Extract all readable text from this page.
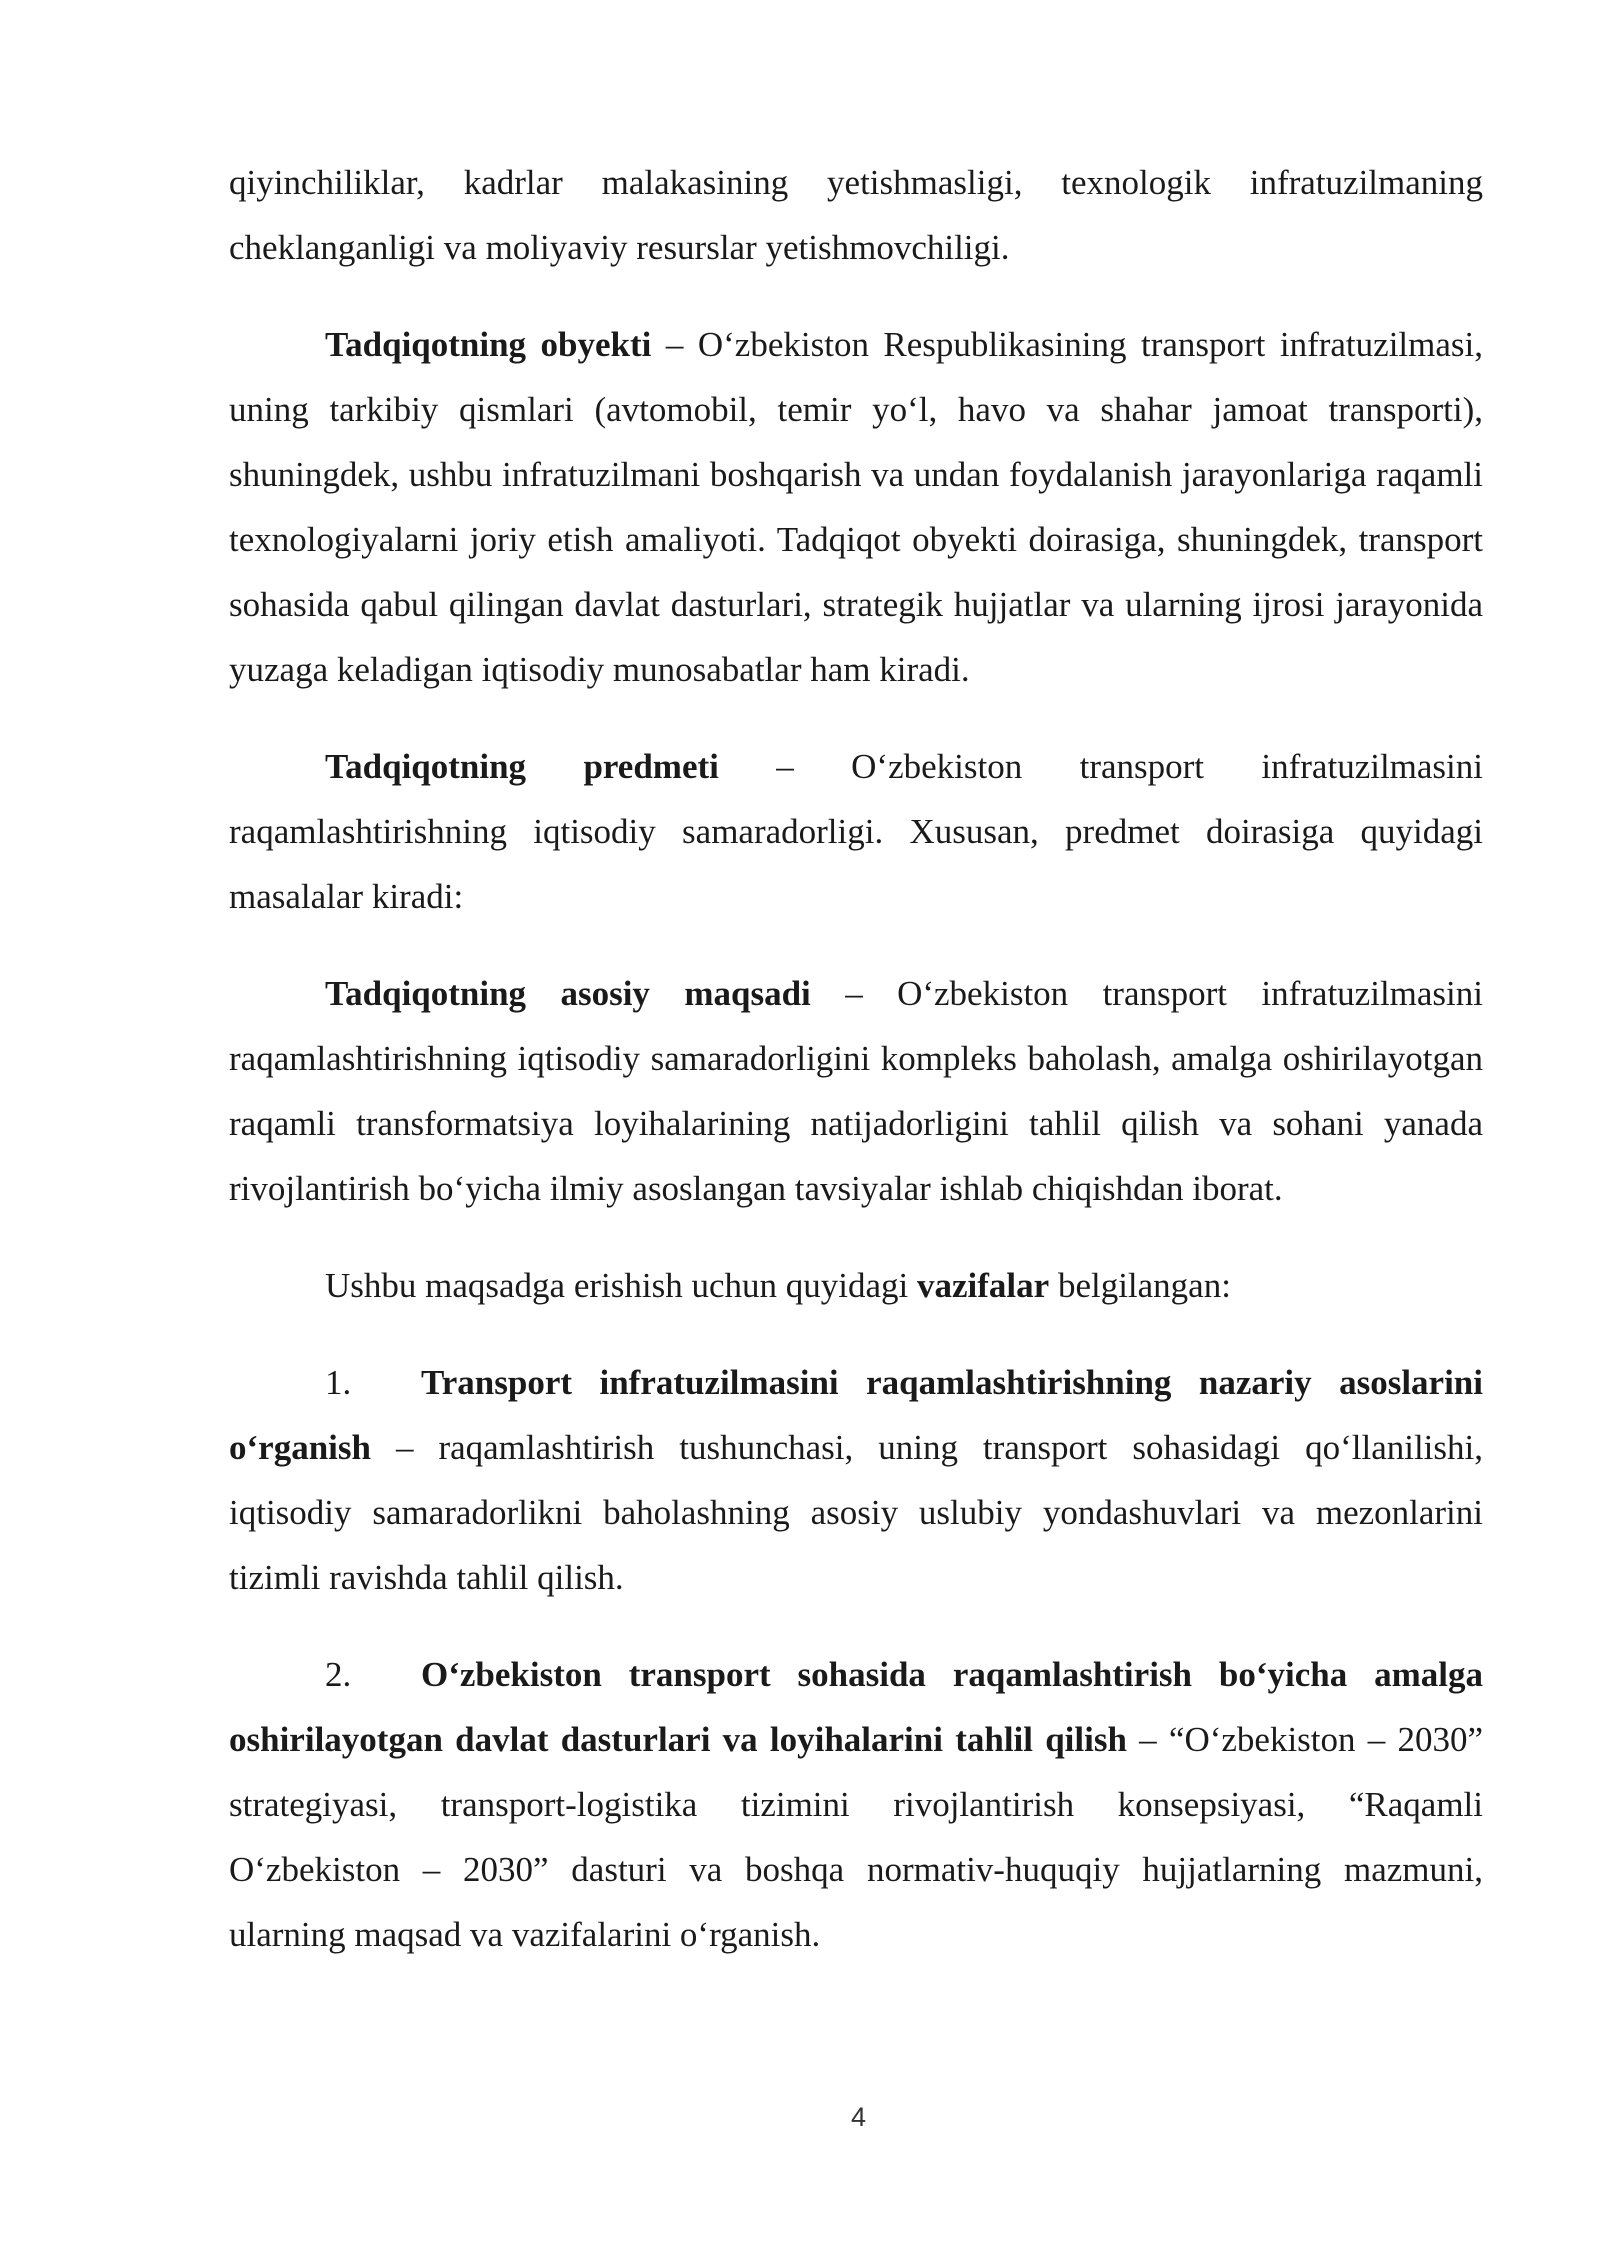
qiyinchiliklar, kadrlar malakasining yetishmasligi, texnologik infratuzilmaning cheklanganligi va moliyaviy resurslar yetishmovchiligi.

Tadqiqotning obyekti – O‘zbekiston Respublikasining transport infratuzilmasi, uning tarkibiy qismlari (avtomobil, temir yo‘l, havo va shahar jamoat transporti), shuningdek, ushbu infratuzilmani boshqarish va undan foydalanish jarayonlariga raqamli texnologiyalarni joriy etish amaliyoti. Tadqiqot obyekti doirasiga, shuningdek, transport sohasida qabul qilingan davlat dasturlari, strategik hujjatlar va ularning ijrosi jarayonida yuzaga keladigan iqtisodiy munosabatlar ham kiradi.

Tadqiqotning predmeti – O‘zbekiston transport infratuzilmasini raqamlashtirishning iqtisodiy samaradorligi. Xususan, predmet doirasiga quyidagi masalalar kiradi:

Tadqiqotning asosiy maqsadi – O‘zbekiston transport infratuzilmasini raqamlashtirishning iqtisodiy samaradorligini kompleks baholash, amalga oshirilayotgan raqamli transformatsiya loyihalarining natijadorligini tahlil qilish va sohani yanada rivojlantirish bo‘yicha ilmiy asoslangan tavsiyalar ishlab chiqishdan iborat.

Ushbu maqsadga erishish uchun quyidagi vazifalar belgilangan:

1. Transport infratuzilmasini raqamlashtirishning nazariy asoslarini o‘rganish – raqamlashtirish tushunchasi, uning transport sohasidagi qo‘llanilishi, iqtisodiy samaradorlikni baholashning asosiy uslubiy yondashuvlari va mezonlarini tizimli ravishda tahlil qilish.

2. O‘zbekiston transport sohasida raqamlashtirish bo‘yicha amalga oshirilayotgan davlat dasturlari va loyihalarini tahlil qilish – “O‘zbekiston – 2030” strategiyasi, transport-logistika tizimini rivojlantirish konsepsiyasi, “Raqamli O‘zbekiston – 2030” dasturi va boshqa normativ-huquqiy hujjatlarning mazmuni, ularning maqsad va vazifalarini o‘rganish.

4
